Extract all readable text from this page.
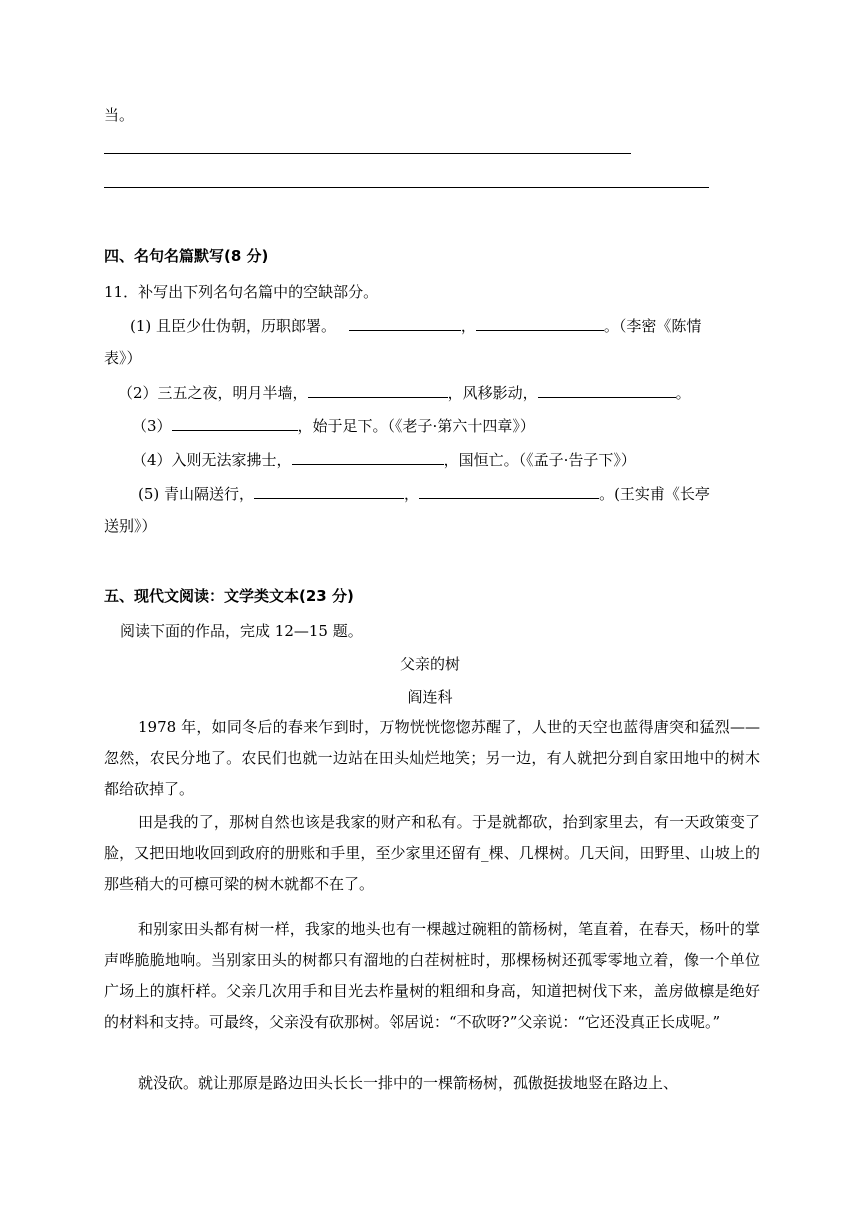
当。
四、名句名篇默写(8 分)
11．补写出下列名句名篇中的空缺部分。
(1) 且臣少仕伪朝，历职郎署。	，	。（李密《陈情
表》）
（2）三五之夜，明月半墙，	，风移影动，	。
（3）	，始于足下。（《老子·第六十四章》）
（4）入则无法家拂士，	，国恒亡。（《孟子·告子下》）
(5) 青山隔送行，	，	。(王实甫《长亭
送别》）
五、现代文阅读：文学类文本(23 分)
阅读下面的作品，完成 12—15 题。
父亲的树
阎连科
1978 年，如同冬后的春来乍到时，万物恍恍惚惚苏醒了，人世的天空也蓝得唐突和猛烈——忽然，农民分地了。农民们也就一边站在田头灿烂地笑；另一边，有人就把分到自家田地中的树木都给砍掉了。
田是我的了，那树自然也该是我家的财产和私有。于是就都砍，抬到家里去，有一天政策变了脸，又把田地收回到政府的册账和手里，至少家里还留有_棵、几棵树。几天间，田野里、山坡上的那些稍大的可檩可梁的树木就都不在了。
和别家田头都有树一样，我家的地头也有一棵越过碗粗的箭杨树，笔直着，在春天，杨叶的掌声哗脆脆地响。当别家田头的树都只有溜地的白茬树桩时，那棵杨树还孤零零地立着，像一个单位广场上的旗杆 •样。父亲几次用手和目光去柞量树的粗细和身高，知道把树伐下来，盖房做檩是绝好的材料和支持。可最终，父亲没有砍那树。邻居说：“不砍呀?”父亲说：“它还没真正长成呢。”
就没砍。就让那原是路边田头长长一排中的一棵箭杨树，孤傲挺拔地竖在路边上、
